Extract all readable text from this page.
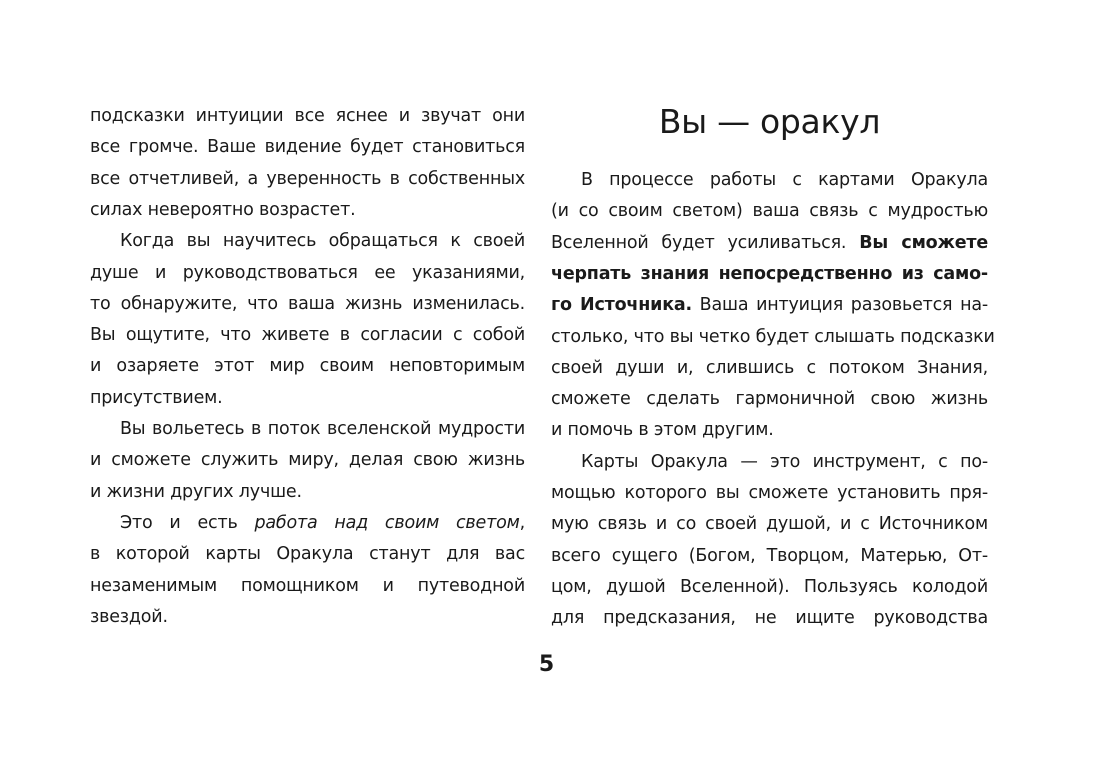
подсказки интуиции все яснее и звучат они
все громче. Ваше видение будет становиться
все отчетливей, а уверенность в собственных
силах невероятно возрастет.
Когда вы научитесь обращаться к своей
душе и руководствоваться ее указаниями,
то обнаружите, что ваша жизнь изменилась.
Вы ощутите, что живете в согласии с собой
и озаряете этот мир своим неповторимым
присутствием.
Вы вольетесь в поток вселенской мудрости
и сможете служить миру, делая свою жизнь
и жизни других лучше.
Это и есть работа над своим светом,
в которой карты Оракула станут для вас
незаменимым помощником и путеводной
звездой.
Вы — оракул
В процессе работы с картами Оракула
(и со своим светом) ваша связь с мудростью
Вселенной будет усиливаться. Вы сможете
черпать знания непосредственно из само-
го Источника. Ваша интуиция разовьется на-
столько, что вы четко будет слышать подсказки
своей души и, слившись с потоком Знания,
сможете сделать гармоничной свою жизнь
и помочь в этом другим.
Карты Оракула — это инструмент, с по-
мощью которого вы сможете установить пря-
мую связь и со своей душой, и с Источником
всего сущего (Богом, Творцом, Матерью, От-
цом, душой Вселенной). Пользуясь колодой
для предсказания, не ищите руководства
5
